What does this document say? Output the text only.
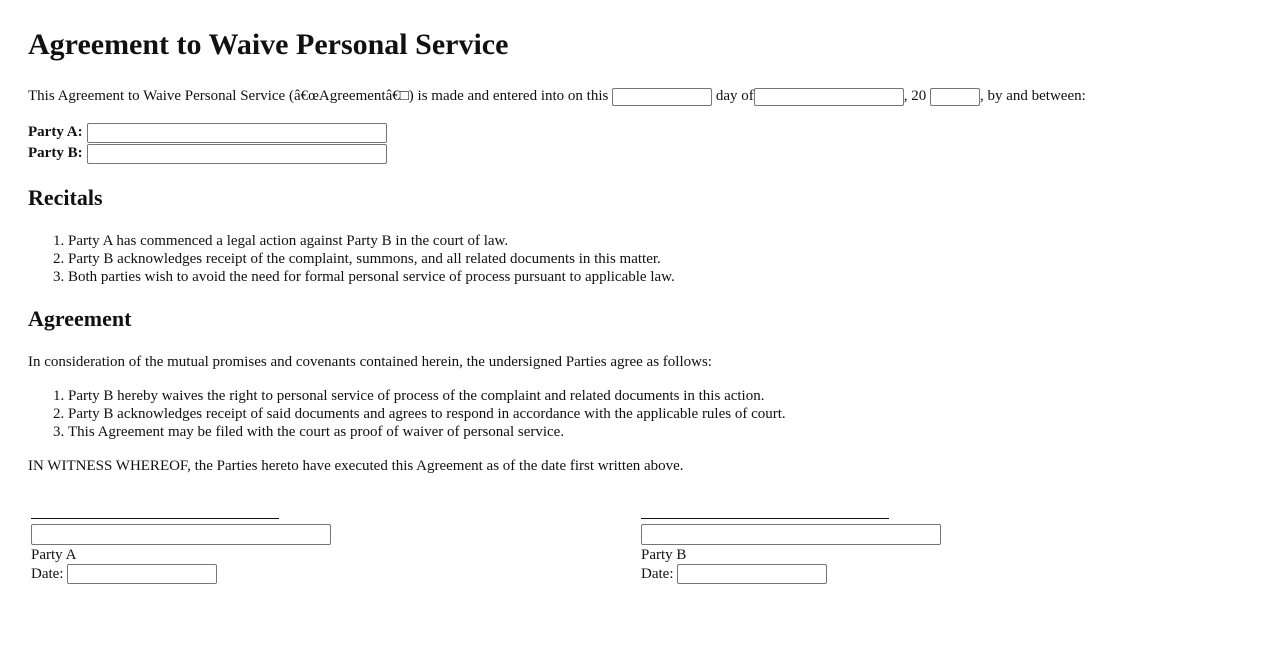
Agreement to Waive Personal Service
This Agreement to Waive Personal Service (â€œAgreementâ€□) is made and entered into on this	day of	, 20	, by and between:
Party A:
Party B:
Recitals
1. Party A has commenced a legal action against Party B in the court of law.
2. Party B acknowledges receipt of the complaint, summons, and all related documents in this matter.
3. Both parties wish to avoid the need for formal personal service of process pursuant to applicable law.
Agreement

In consideration of the mutual promises and covenants contained herein, the undersigned Parties agree as follows:

1. Party B hereby waives the right to personal service of process of the complaint and related documents in this action.
2. Party B acknowledges receipt of said documents and agrees to respond in accordance with the applicable rules of court.
3. This Agreement may be filed with the court as proof of waiver of personal service.

IN WITNESS WHEREOF, the Parties hereto have executed this Agreement as of the date first written above.

Party A
Date:
Party B
Date:
